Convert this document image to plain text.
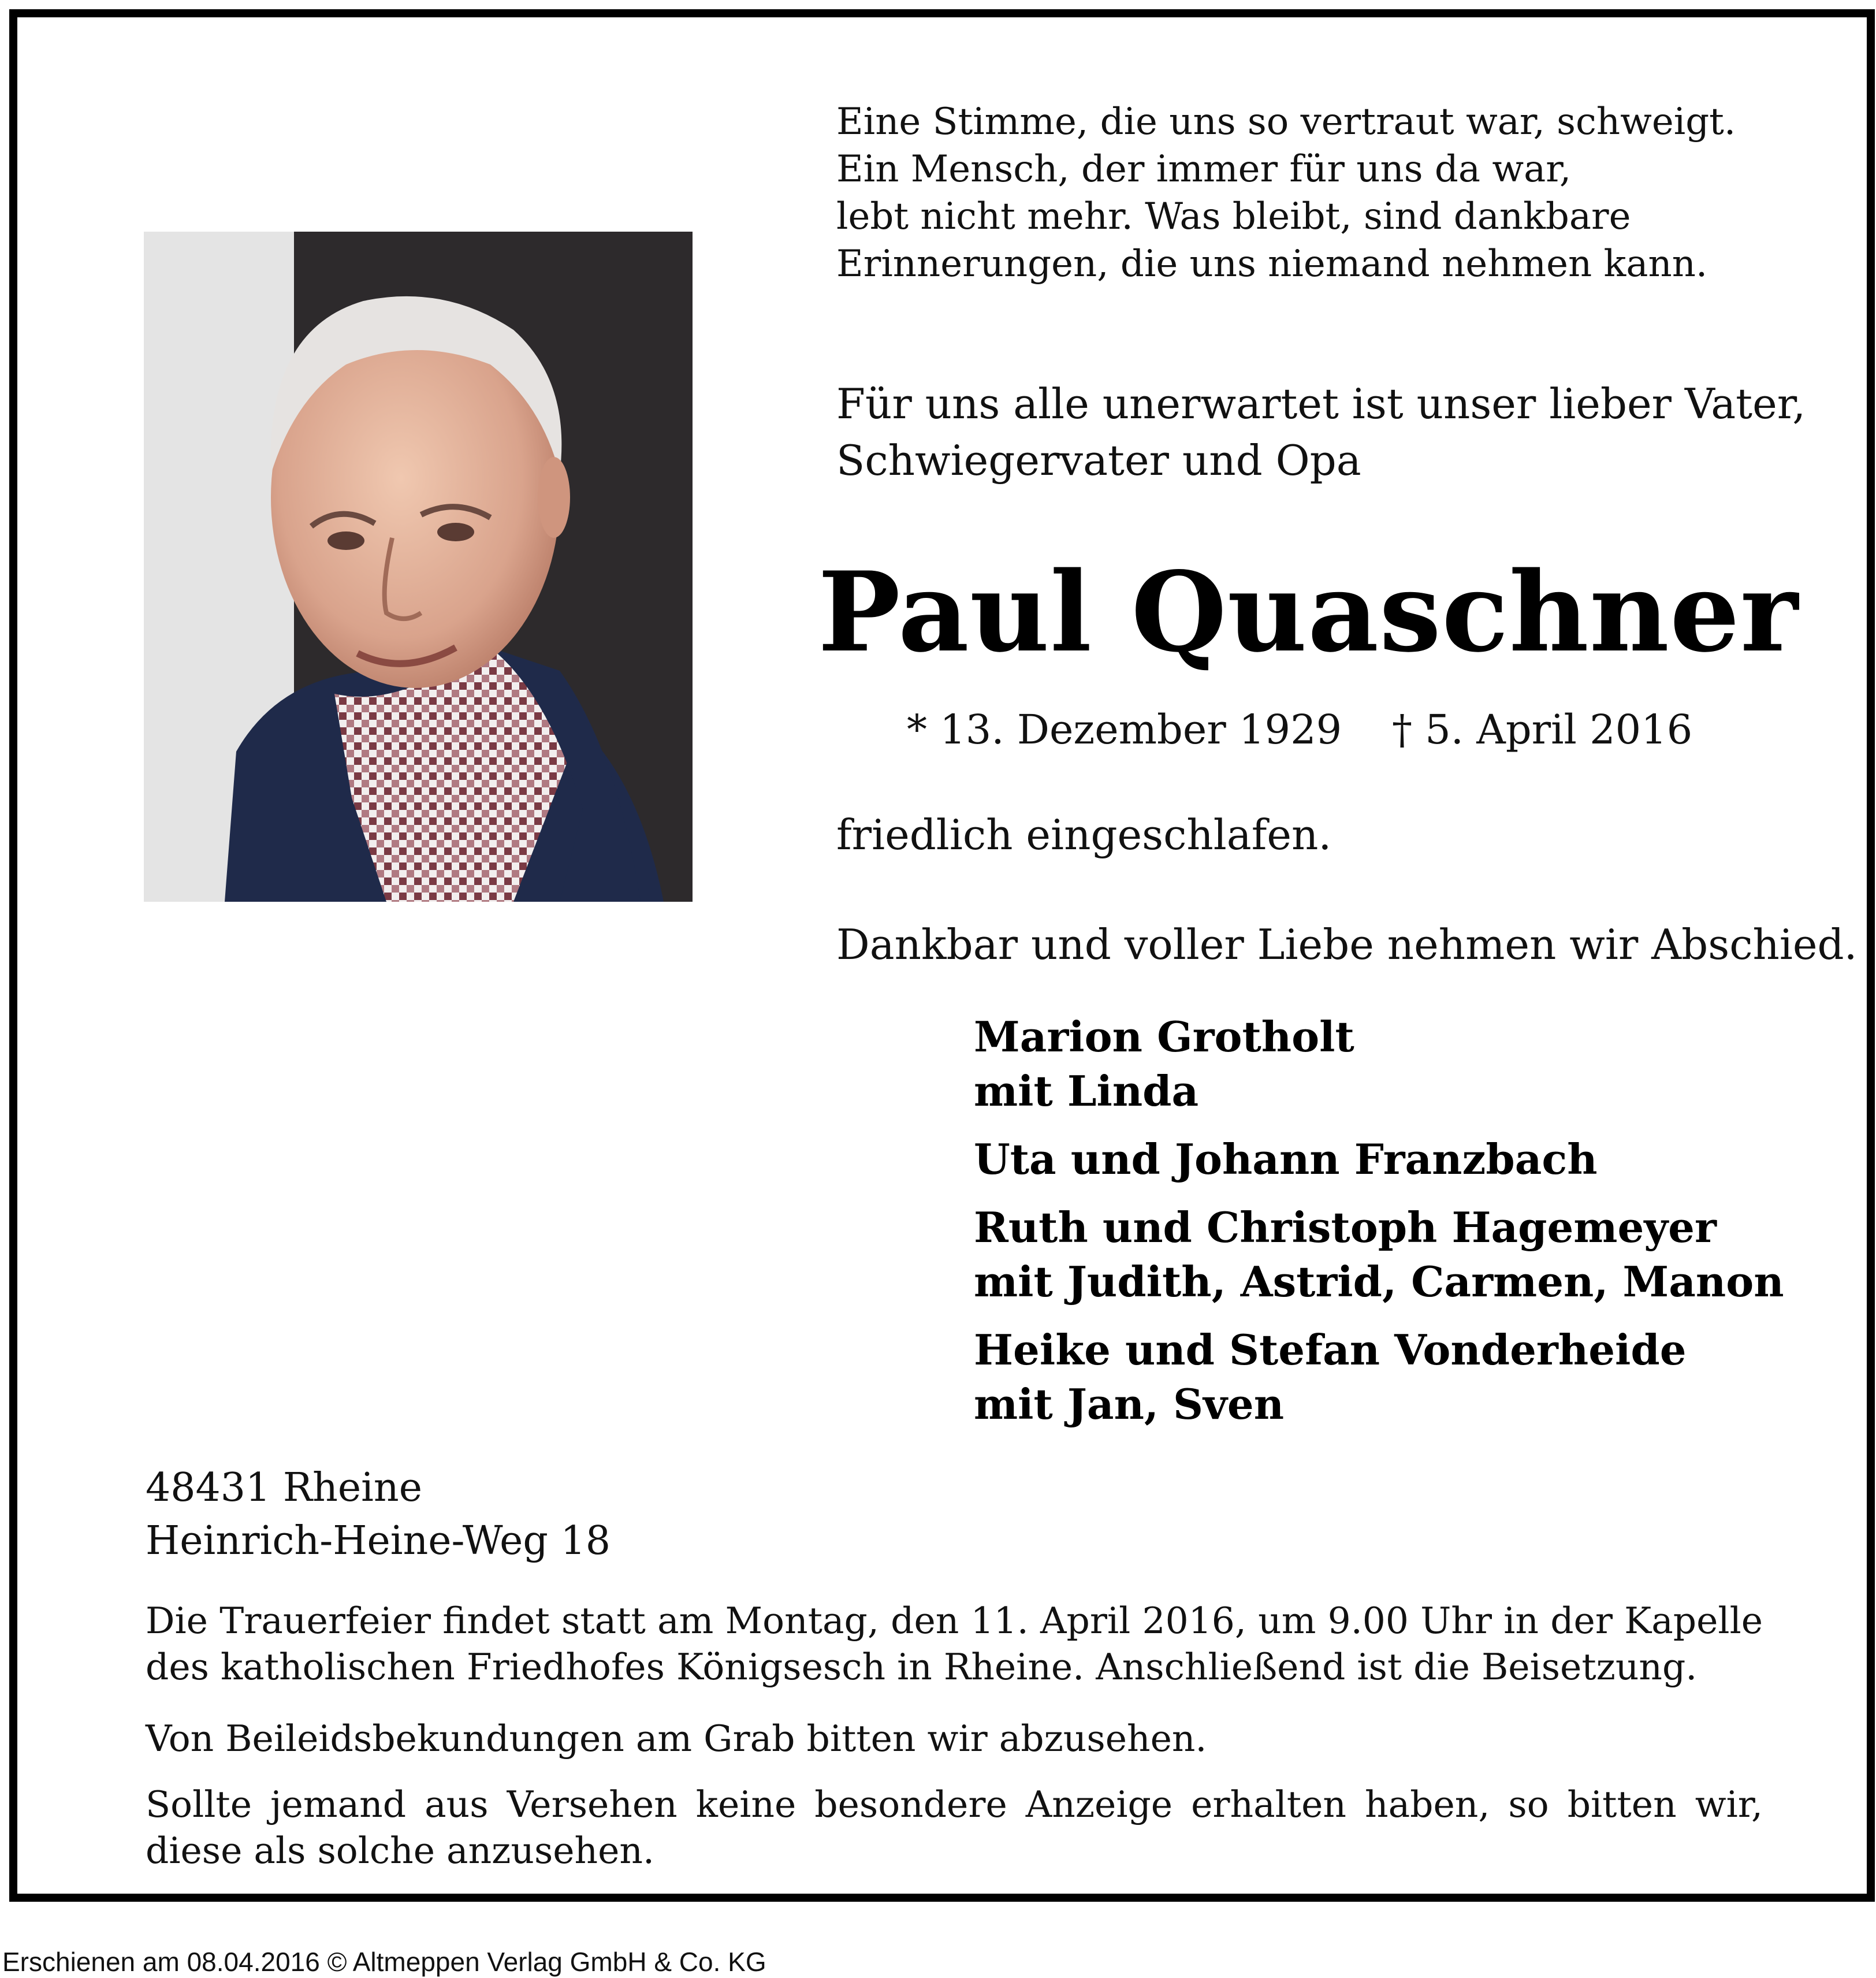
Eine Stimme, die uns so vertraut war, schweigt.
Ein Mensch, der immer für uns da war,
lebt nicht mehr. Was bleibt, sind dankbare
Erinnerungen, die uns niemand nehmen kann.
Für uns alle unerwartet ist unser lieber Vater,
Schwiegervater und Opa
Paul Quaschner
* 13. Dezember 1929 † 5. April 2016
friedlich eingeschlafen.
Dankbar und voller Liebe nehmen wir Abschied.
Marion Grotholt
mit Linda
Uta und Johann Franzbach
Ruth und Christoph Hagemeyer
mit Judith, Astrid, Carmen, Manon
Heike und Stefan Vonderheide
mit Jan, Sven
48431 Rheine
Heinrich-Heine-Weg 18
Die Trauerfeier findet statt am Montag, den 11. April 2016, um 9.00 Uhr in der Kapelle des katholischen Friedhofes Königsesch in Rheine. Anschließend ist die Beisetzung.
Von Beileidsbekundungen am Grab bitten wir abzusehen.
Sollte jemand aus Versehen keine besondere Anzeige erhalten haben, so bitten wir, diese als solche anzusehen.
Erschienen am 08.04.2016 © Altmeppen Verlag GmbH & Co. KG
